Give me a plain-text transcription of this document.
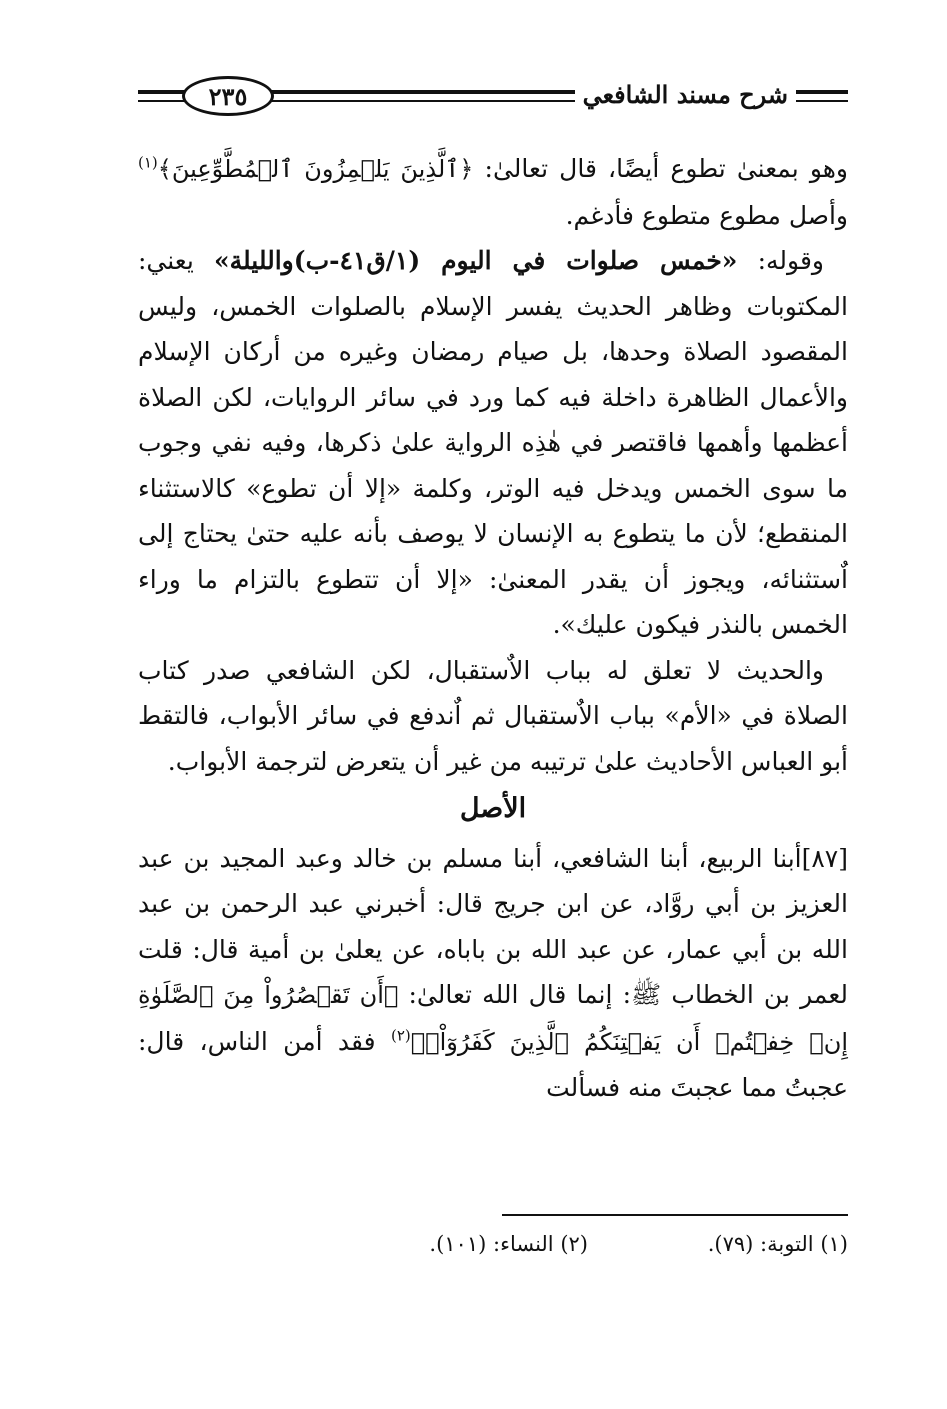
٢٣٥	شرح مسند الشافعي

وهو بمعنىٰ تطوع أيضًا، قال تعالىٰ: ﴿ٱلَّذِينَ يَلۡمِزُونَ ٱلۡمُطَّوِّعِينَ﴾$^{(١)}$ وأصل مطوع متطوع فأدغم.

وقوله: «خمس صلوات في اليوم (١/ق٤١-ب)والليلة» يعني: المكتوبات وظاهر الحديث يفسر الإسلام بالصلوات الخمس، وليس المقصود الصلاة وحدها، بل صيام رمضان وغيره من أركان الإسلام والأعمال الظاهرة داخلة فيه كما ورد في سائر الروايات، لكن الصلاة أعظمها وأهمها فاقتصر في هٰذِه الرواية علىٰ ذكرها، وفيه نفي وجوب ما سوى الخمس ويدخل فيه الوتر، وكلمة «إلا أن تطوع» كالاستثناء المنقطع؛ لأن ما يتطوع به الإنسان لا يوصف بأنه عليه حتىٰ يحتاج إلى اٌستثنائه، ويجوز أن يقدر المعنىٰ: «إلا أن تتطوع بالتزام ما وراء الخمس بالنذر فيكون عليك».

والحديث لا تعلق له بباب الاٌستقبال، لكن الشافعي صدر كتاب الصلاة في «الأم» بباب الاٌستقبال ثم اٌندفع في سائر الأبواب، فالتقط أبو العباس الأحاديث علىٰ ترتيبه من غير أن يتعرض لترجمة الأبواب.

الأصل

[٨٧]أبنا الربيع، أبنا الشافعي، أبنا مسلم بن خالد وعبد المجيد بن عبد العزيز بن أبي روَّاد، عن ابن جريج قال: أخبرني عبد الرحمن بن عبد الله بن أبي عمار، عن عبد الله بن باباه، عن يعلىٰ بن أمية قال: قلت لعمر بن الخطاب ﷺ: إنما قال الله تعالىٰ: ﴿أَن تَقۡصُرُواْ مِنَ ٱلصَّلَوٰةِ إِنۡ خِفۡتُمۡ أَن يَفۡتِنَكُمُ ٱلَّذِينَ كَفَرُوٓاْۚ﴾$^{(٢)}$ فقد أمن الناس، قال: عجبتُ مما عجبتَ منه فسألت

(١) التوبة: (٧٩).
(٢) النساء: (١٠١).
